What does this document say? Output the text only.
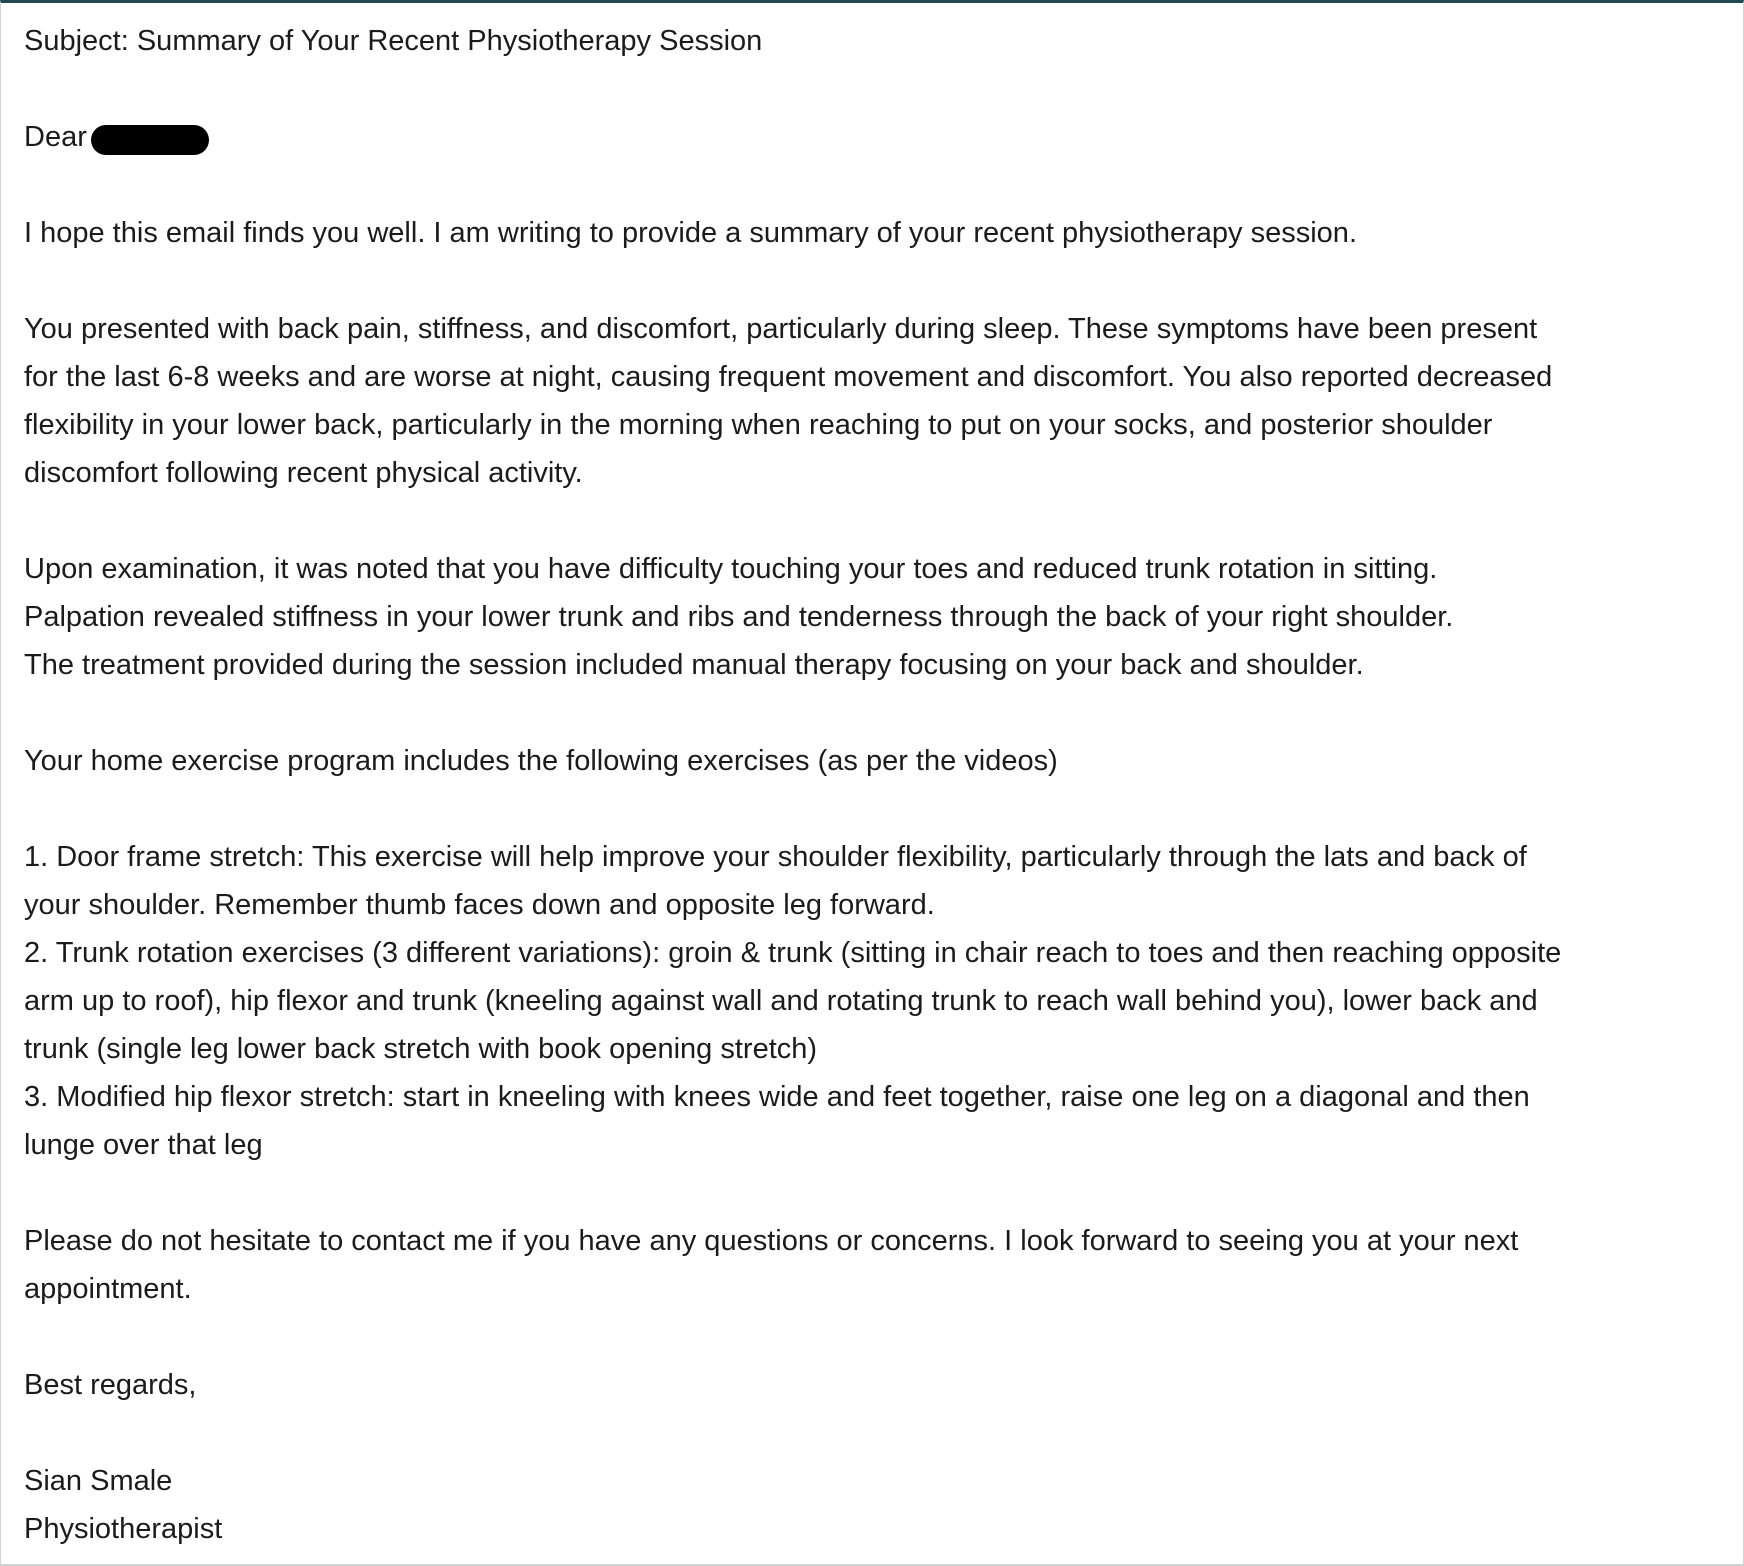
Subject: Summary of Your Recent Physiotherapy Session

Dear

I hope this email finds you well. I am writing to provide a summary of your recent physiotherapy session.

You presented with back pain, stiffness, and discomfort, particularly during sleep. These symptoms have been present

for the last 6-8 weeks and are worse at night, causing frequent movement and discomfort. You also reported decreased

flexibility in your lower back, particularly in the morning when reaching to put on your socks, and posterior shoulder

discomfort following recent physical activity.

Upon examination, it was noted that you have difficulty touching your toes and reduced trunk rotation in sitting.

Palpation revealed stiffness in your lower trunk and ribs and tenderness through the back of your right shoulder.

The treatment provided during the session included manual therapy focusing on your back and shoulder.

Your home exercise program includes the following exercises (as per the videos)

1. Door frame stretch: This exercise will help improve your shoulder flexibility, particularly through the lats and back of

your shoulder. Remember thumb faces down and opposite leg forward.

2. Trunk rotation exercises (3 different variations): groin & trunk (sitting in chair reach to toes and then reaching opposite

arm up to roof), hip flexor and trunk (kneeling against wall and rotating trunk to reach wall behind you), lower back and

trunk (single leg lower back stretch with book opening stretch)

3. Modified hip flexor stretch: start in kneeling with knees wide and feet together, raise one leg on a diagonal and then

lunge over that leg

Please do not hesitate to contact me if you have any questions or concerns. I look forward to seeing you at your next

appointment.

Best regards,

Sian Smale

Physiotherapist
